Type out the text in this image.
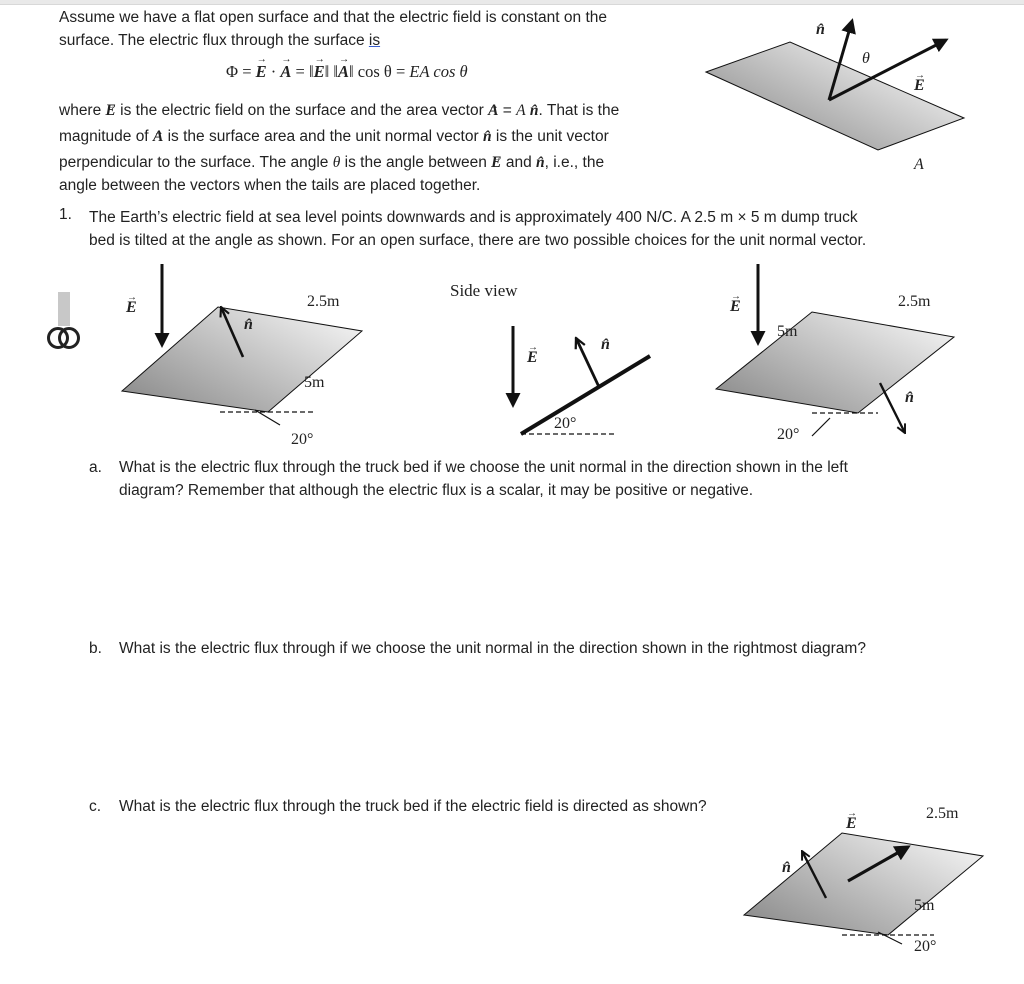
Assume we have a flat open surface and that the electric field is constant on the
surface. The electric flux through the surface is
Φ = → E · → A = ‖→ E‖ ‖→ A‖ cos θ = EA cos θ
where → E is the electric field on the surface and the area vector → A = A n̂. That is the
magnitude of → A is the surface area and the unit normal vector n̂ is the unit vector
perpendicular to the surface. The angle θ is the angle between → E and n̂, i.e., the
angle between the vectors when the tails are placed together.
1. The Earth’s electric field at sea level points downwards and is approximately 400 N/C. A 2.5 m × 5 m dump truck
bed is tilted at the angle as shown. For an open surface, there are two possible choices for the unit normal vector.
n̂
θ
→ E
A
→ E
n̂
2.5m
5m
20°
Side view
→ E
n̂
20°
→ E
5m
2.5m
n̂
20°
a. What is the electric flux through the truck bed if we choose the unit normal in the direction shown in the left
diagram? Remember that although the electric flux is a scalar, it may be positive or negative.
b. What is the electric flux through if we choose the unit normal in the direction shown in the rightmost diagram?
c. What is the electric flux through the truck bed if the electric field is directed as shown?
→ E
2.5m
n̂
5m
20°
